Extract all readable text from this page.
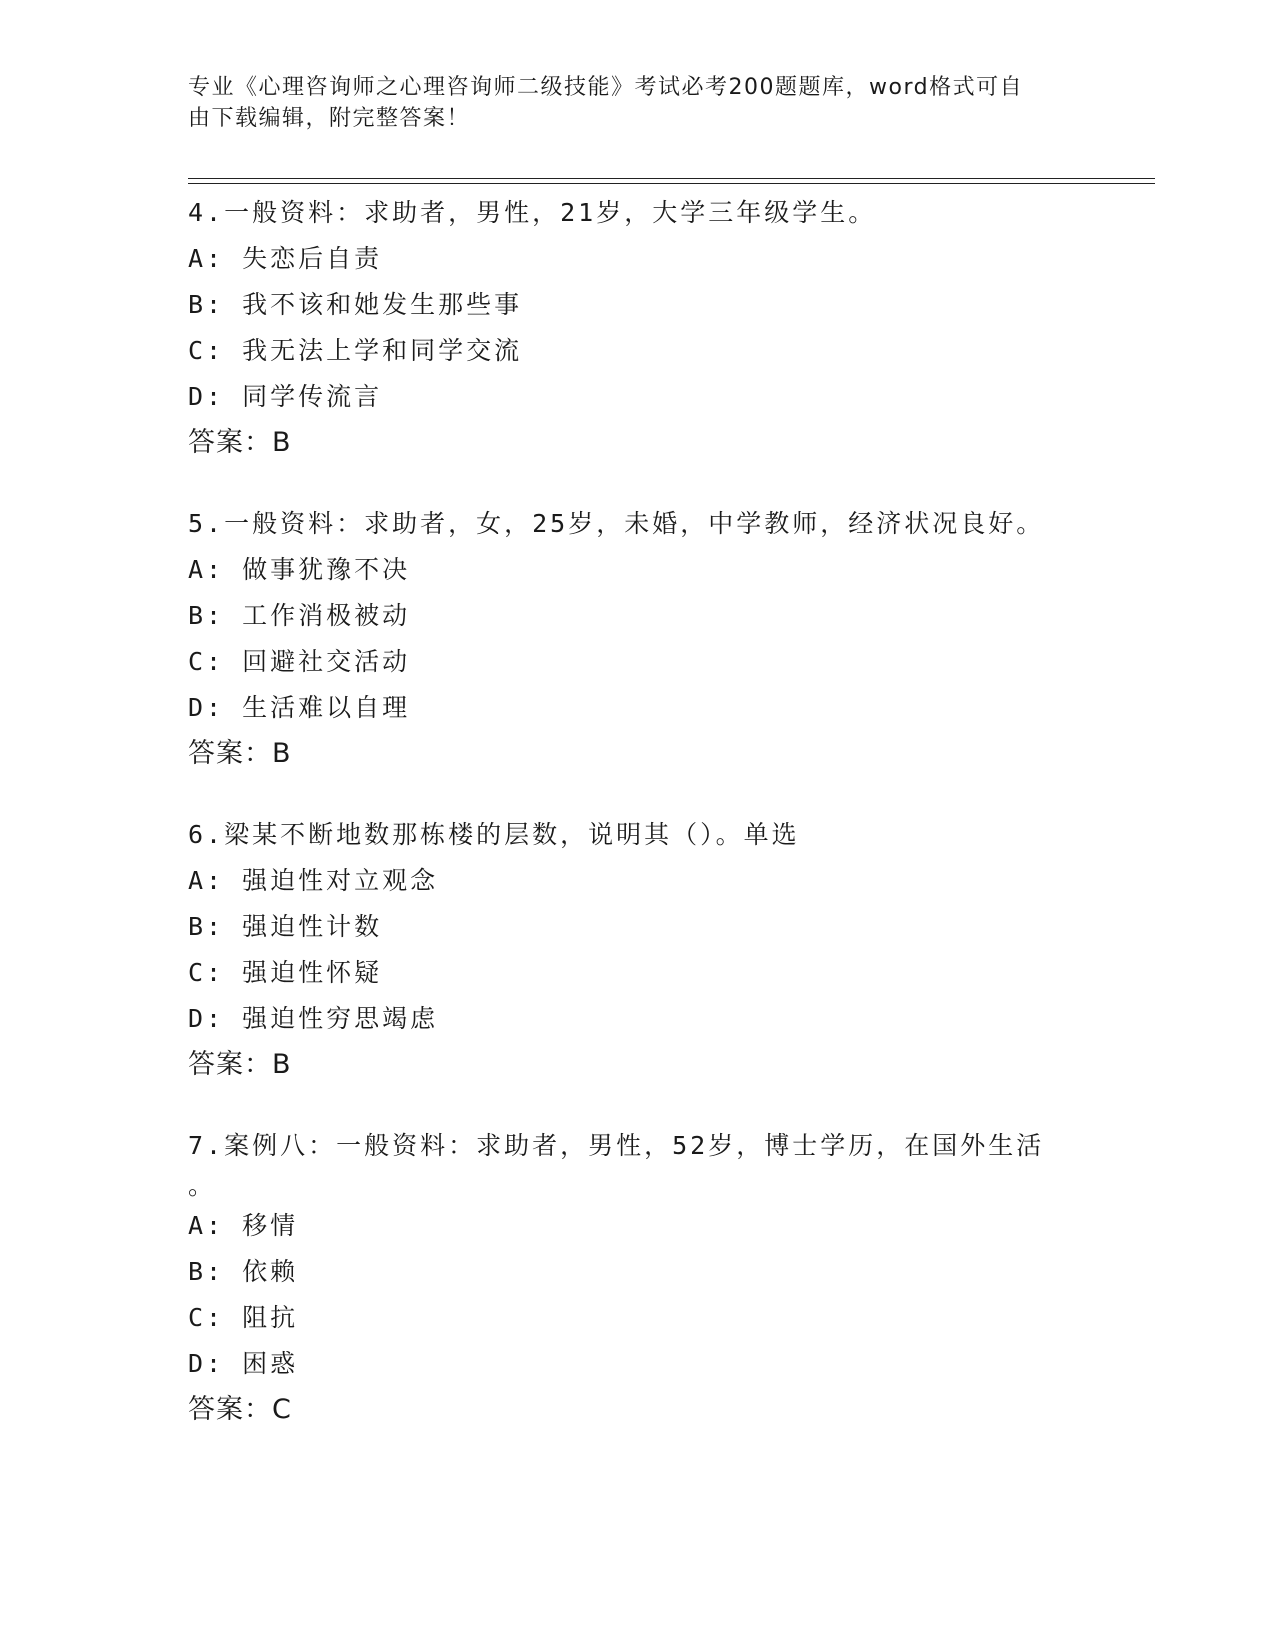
专业《心理咨询师之心理咨询师二级技能》考试必考200题题库，word格式可自
由下载编辑，附完整答案！
4.一般资料：求助者，男性，21岁，大学三年级学生。
A: 失恋后自责
B: 我不该和她发生那些事
C: 我无法上学和同学交流
D: 同学传流言
答案：B
5.一般资料：求助者，女，25岁，未婚，中学教师，经济状况良好。
A: 做事犹豫不决
B: 工作消极被动
C: 回避社交活动
D: 生活难以自理
答案：B
6.梁某不断地数那栋楼的层数，说明其（）。单选
A: 强迫性对立观念
B: 强迫性计数
C: 强迫性怀疑
D: 强迫性穷思竭虑
答案：B
7.案例八：一般资料：求助者，男性，52岁，博士学历，在国外生活
。
A: 移情
B: 依赖
C: 阻抗
D: 困惑
答案：C
